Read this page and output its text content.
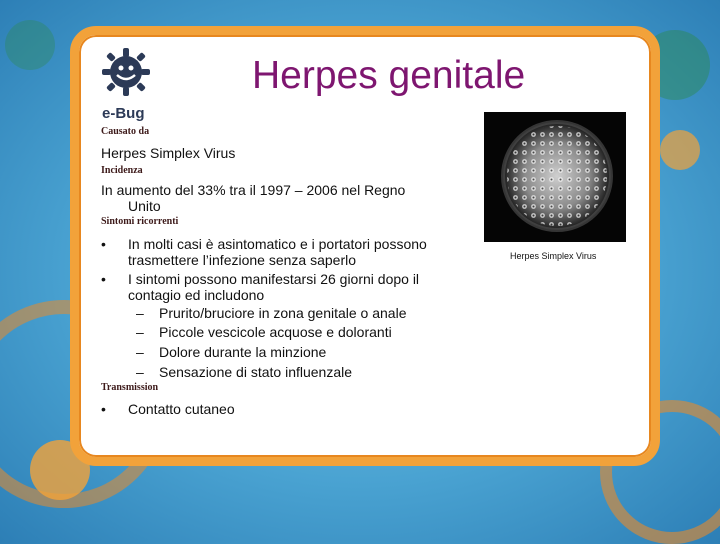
e-Bug
Herpes genitale
Causato da
Herpes Simplex Virus
Incidenza
In aumento del 33% tra il 1997 – 2006 nel Regno
Unito
Sintomi ricorrenti
• In molti casi è asintomatico e i portatori possono
trasmettere l’infezione senza saperlo
• I sintomi possono manifestarsi 26 giorni dopo il
contagio ed includono
– Prurito/bruciore in zona genitale o anale
– Piccole vescicole acquose e doloranti
– Dolore durante la minzione
– Sensazione di stato influenzale
Transmission
• Contatto cutaneo
Herpes Simplex Virus
